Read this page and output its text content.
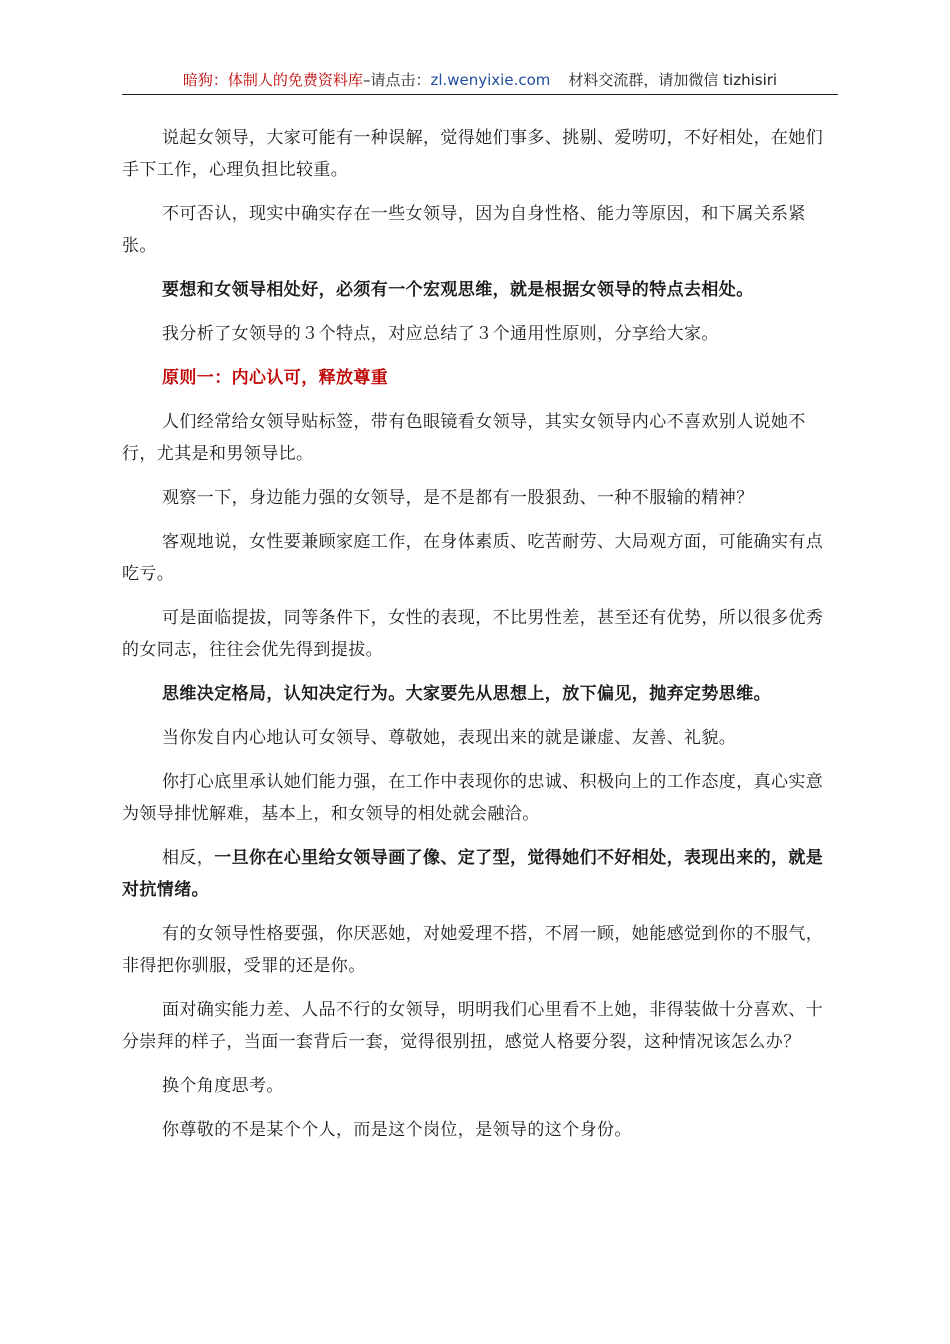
暗狗：体制人的免费资料库–请点击：zl.wenyixie.com 材料交流群，请加微信 tizhisiri

说起女领导，大家可能有一种误解，觉得她们事多、挑剔、爱唠叨，不好相处，在她们手下工作，心理负担比较重。

不可否认，现实中确实存在一些女领导，因为自身性格、能力等原因，和下属关系紧张。

要想和女领导相处好，必须有一个宏观思维，就是根据女领导的特点去相处。

我分析了女领导的３个特点，对应总结了３个通用性原则，分享给大家。

原则一：内心认可，释放尊重

人们经常给女领导贴标签，带有色眼镜看女领导，其实女领导内心不喜欢别人说她不行，尤其是和男领导比。

观察一下，身边能力强的女领导，是不是都有一股狠劲、一种不服输的精神？

客观地说，女性要兼顾家庭工作，在身体素质、吃苦耐劳、大局观方面，可能确实有点吃亏。

可是面临提拔，同等条件下，女性的表现，不比男性差，甚至还有优势，所以很多优秀的女同志，往往会优先得到提拔。

思维决定格局，认知决定行为。大家要先从思想上，放下偏见，抛弃定势思维。

当你发自内心地认可女领导、尊敬她，表现出来的就是谦虚、友善、礼貌。

你打心底里承认她们能力强，在工作中表现你的忠诚、积极向上的工作态度，真心实意为领导排忧解难，基本上，和女领导的相处就会融洽。

相反，一旦你在心里给女领导画了像、定了型，觉得她们不好相处，表现出来的，就是对抗情绪。

有的女领导性格要强，你厌恶她，对她爱理不搭，不屑一顾，她能感觉到你的不服气，非得把你驯服，受罪的还是你。

面对确实能力差、人品不行的女领导，明明我们心里看不上她，非得装做十分喜欢、十分崇拜的样子，当面一套背后一套，觉得很别扭，感觉人格要分裂，这种情况该怎么办？

换个角度思考。

你尊敬的不是某个个人，而是这个岗位，是领导的这个身份。
